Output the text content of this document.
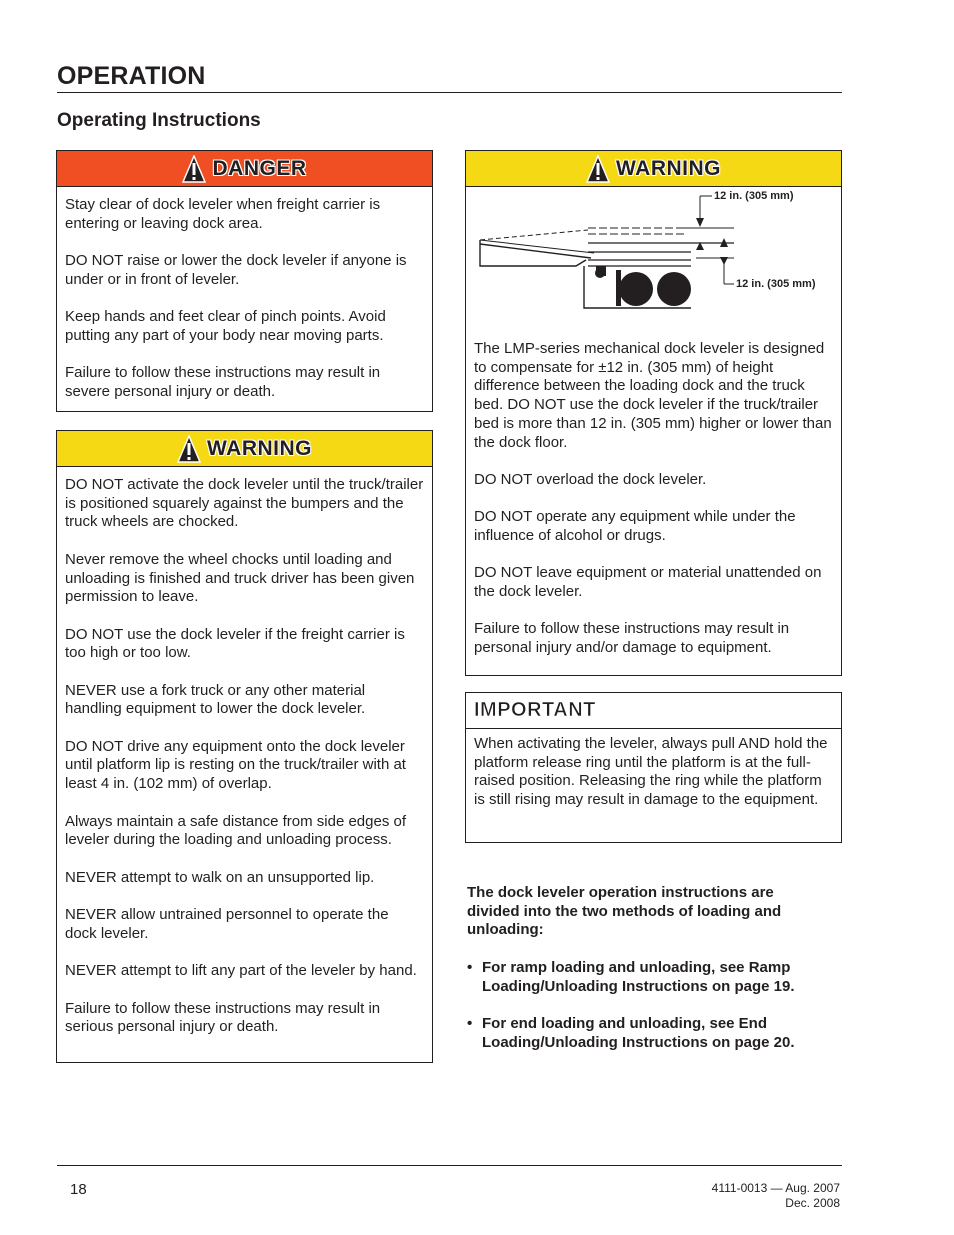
OPERATION
Operating Instructions
DANGER

Stay clear of dock leveler when freight carrier is entering or leaving dock area.

DO NOT raise or lower the dock leveler if anyone is under or in front of leveler.

Keep hands and feet clear of pinch points. Avoid putting any part of your body near moving parts.

Failure to follow these instructions may result in severe personal injury or death.

WARNING

DO NOT activate the dock leveler until the truck/trailer is positioned squarely against the bumpers and the truck wheels are chocked.

Never remove the wheel chocks until loading and unloading is finished and truck driver has been given permission to leave.

DO NOT use the dock leveler if the freight carrier is too high or too low.

NEVER use a fork truck or any other material handling equipment to lower the dock leveler.

DO NOT drive any equipment onto the dock leveler until platform lip is resting on the truck/trailer with at least 4 in. (102 mm) of overlap.

Always maintain a safe distance from side edges of leveler during the loading and unloading process.

NEVER attempt to walk on an unsupported lip.

NEVER allow untrained personnel to operate the dock leveler.

NEVER attempt to lift any part of the leveler by hand.

Failure to follow these instructions may result in serious personal injury or death.

WARNING

The LMP-series mechanical dock leveler is designed to compensate for ±12 in. (305 mm) of height difference between the loading dock and the truck bed. DO NOT use the dock leveler if the truck/trailer bed is more than 12 in. (305 mm) higher or lower than the dock floor.

DO NOT overload the dock leveler.

DO NOT operate any equipment while under the influence of alcohol or drugs.

DO NOT leave equipment or material unattended on the dock leveler.

Failure to follow these instructions may result in personal injury and/or damage to equipment.

12 in. (305 mm)
12 in. (305 mm)
IMPORTANT

When activating the leveler, always pull AND hold the platform release ring until the platform is at the full-raised position. Releasing the ring while the platform is still rising may result in damage to the equipment.

The dock leveler operation instructions are divided into the two methods of loading and unloading:

• For ramp loading and unloading, see Ramp Loading/Unloading Instructions on page 19.
• For end loading and unloading, see End Loading/Unloading Instructions on page 20.
18	4111-0013 — Aug. 2007
Dec. 2008
